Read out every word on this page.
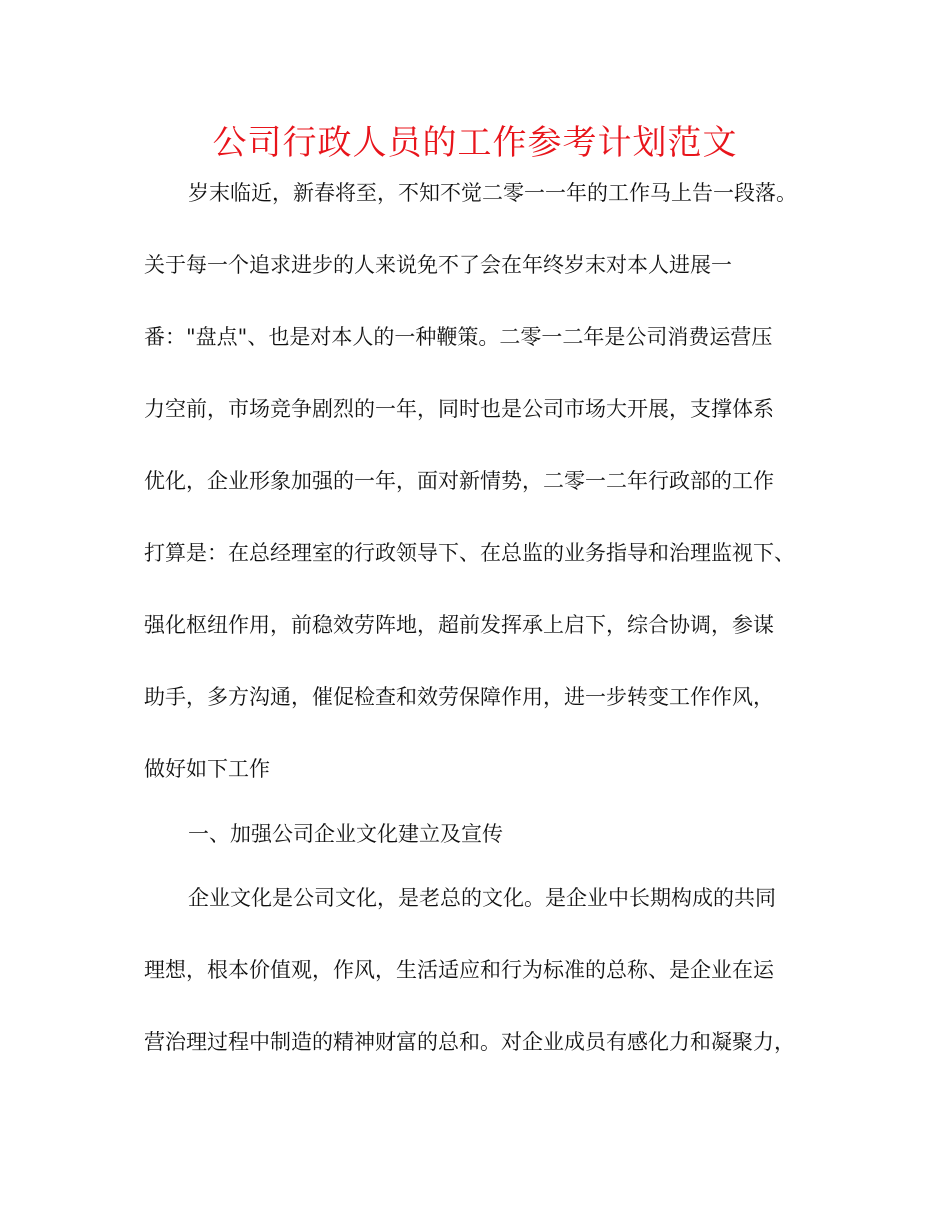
公司行政人员的工作参考计划范文
岁末临近，新春将至，不知不觉二零一一年的工作马上告一段落。
关于每一个追求进步的人来说免不了会在年终岁末对本人进展一
番："盘点"、也是对本人的一种鞭策。二零一二年是公司消费运营压
力空前，市场竞争剧烈的一年，同时也是公司市场大开展，支撑体系
优化，企业形象加强的一年，面对新情势，二零一二年行政部的工作
打算是：在总经理室的行政领导下、在总监的业务指导和治理监视下、
强化枢纽作用，前稳效劳阵地，超前发挥承上启下，综合协调，参谋
助手，多方沟通，催促检查和效劳保障作用，进一步转变工作作风，
做好如下工作
一、加强公司企业文化建立及宣传
企业文化是公司文化，是老总的文化。是企业中长期构成的共同
理想，根本价值观，作风，生活适应和行为标准的总称、是企业在运
营治理过程中制造的精神财富的总和。对企业成员有感化力和凝聚力，
